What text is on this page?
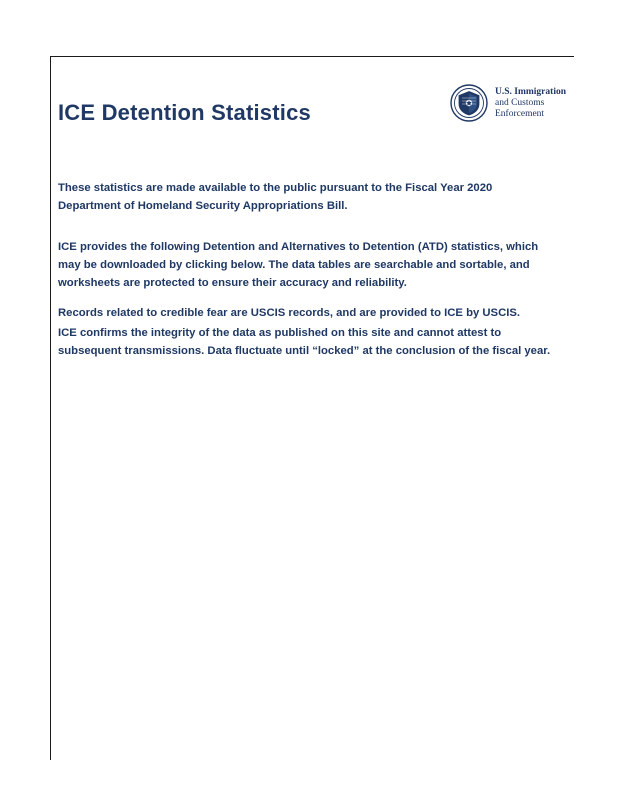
ICE Detention Statistics
U.S. Immigration
and Customs
Enforcement
These statistics are made available to the public pursuant to the Fiscal Year 2020 Department of Homeland Security Appropriations Bill.
ICE provides the following Detention and Alternatives to Detention (ATD) statistics, which may be downloaded by clicking below. The data tables are searchable and sortable, and worksheets are protected to ensure their accuracy and reliability.
Records related to credible fear are USCIS records, and are provided to ICE by USCIS.
ICE confirms the integrity of the data as published on this site and cannot attest to subsequent transmissions. Data fluctuate until “locked” at the conclusion of the fiscal year.
